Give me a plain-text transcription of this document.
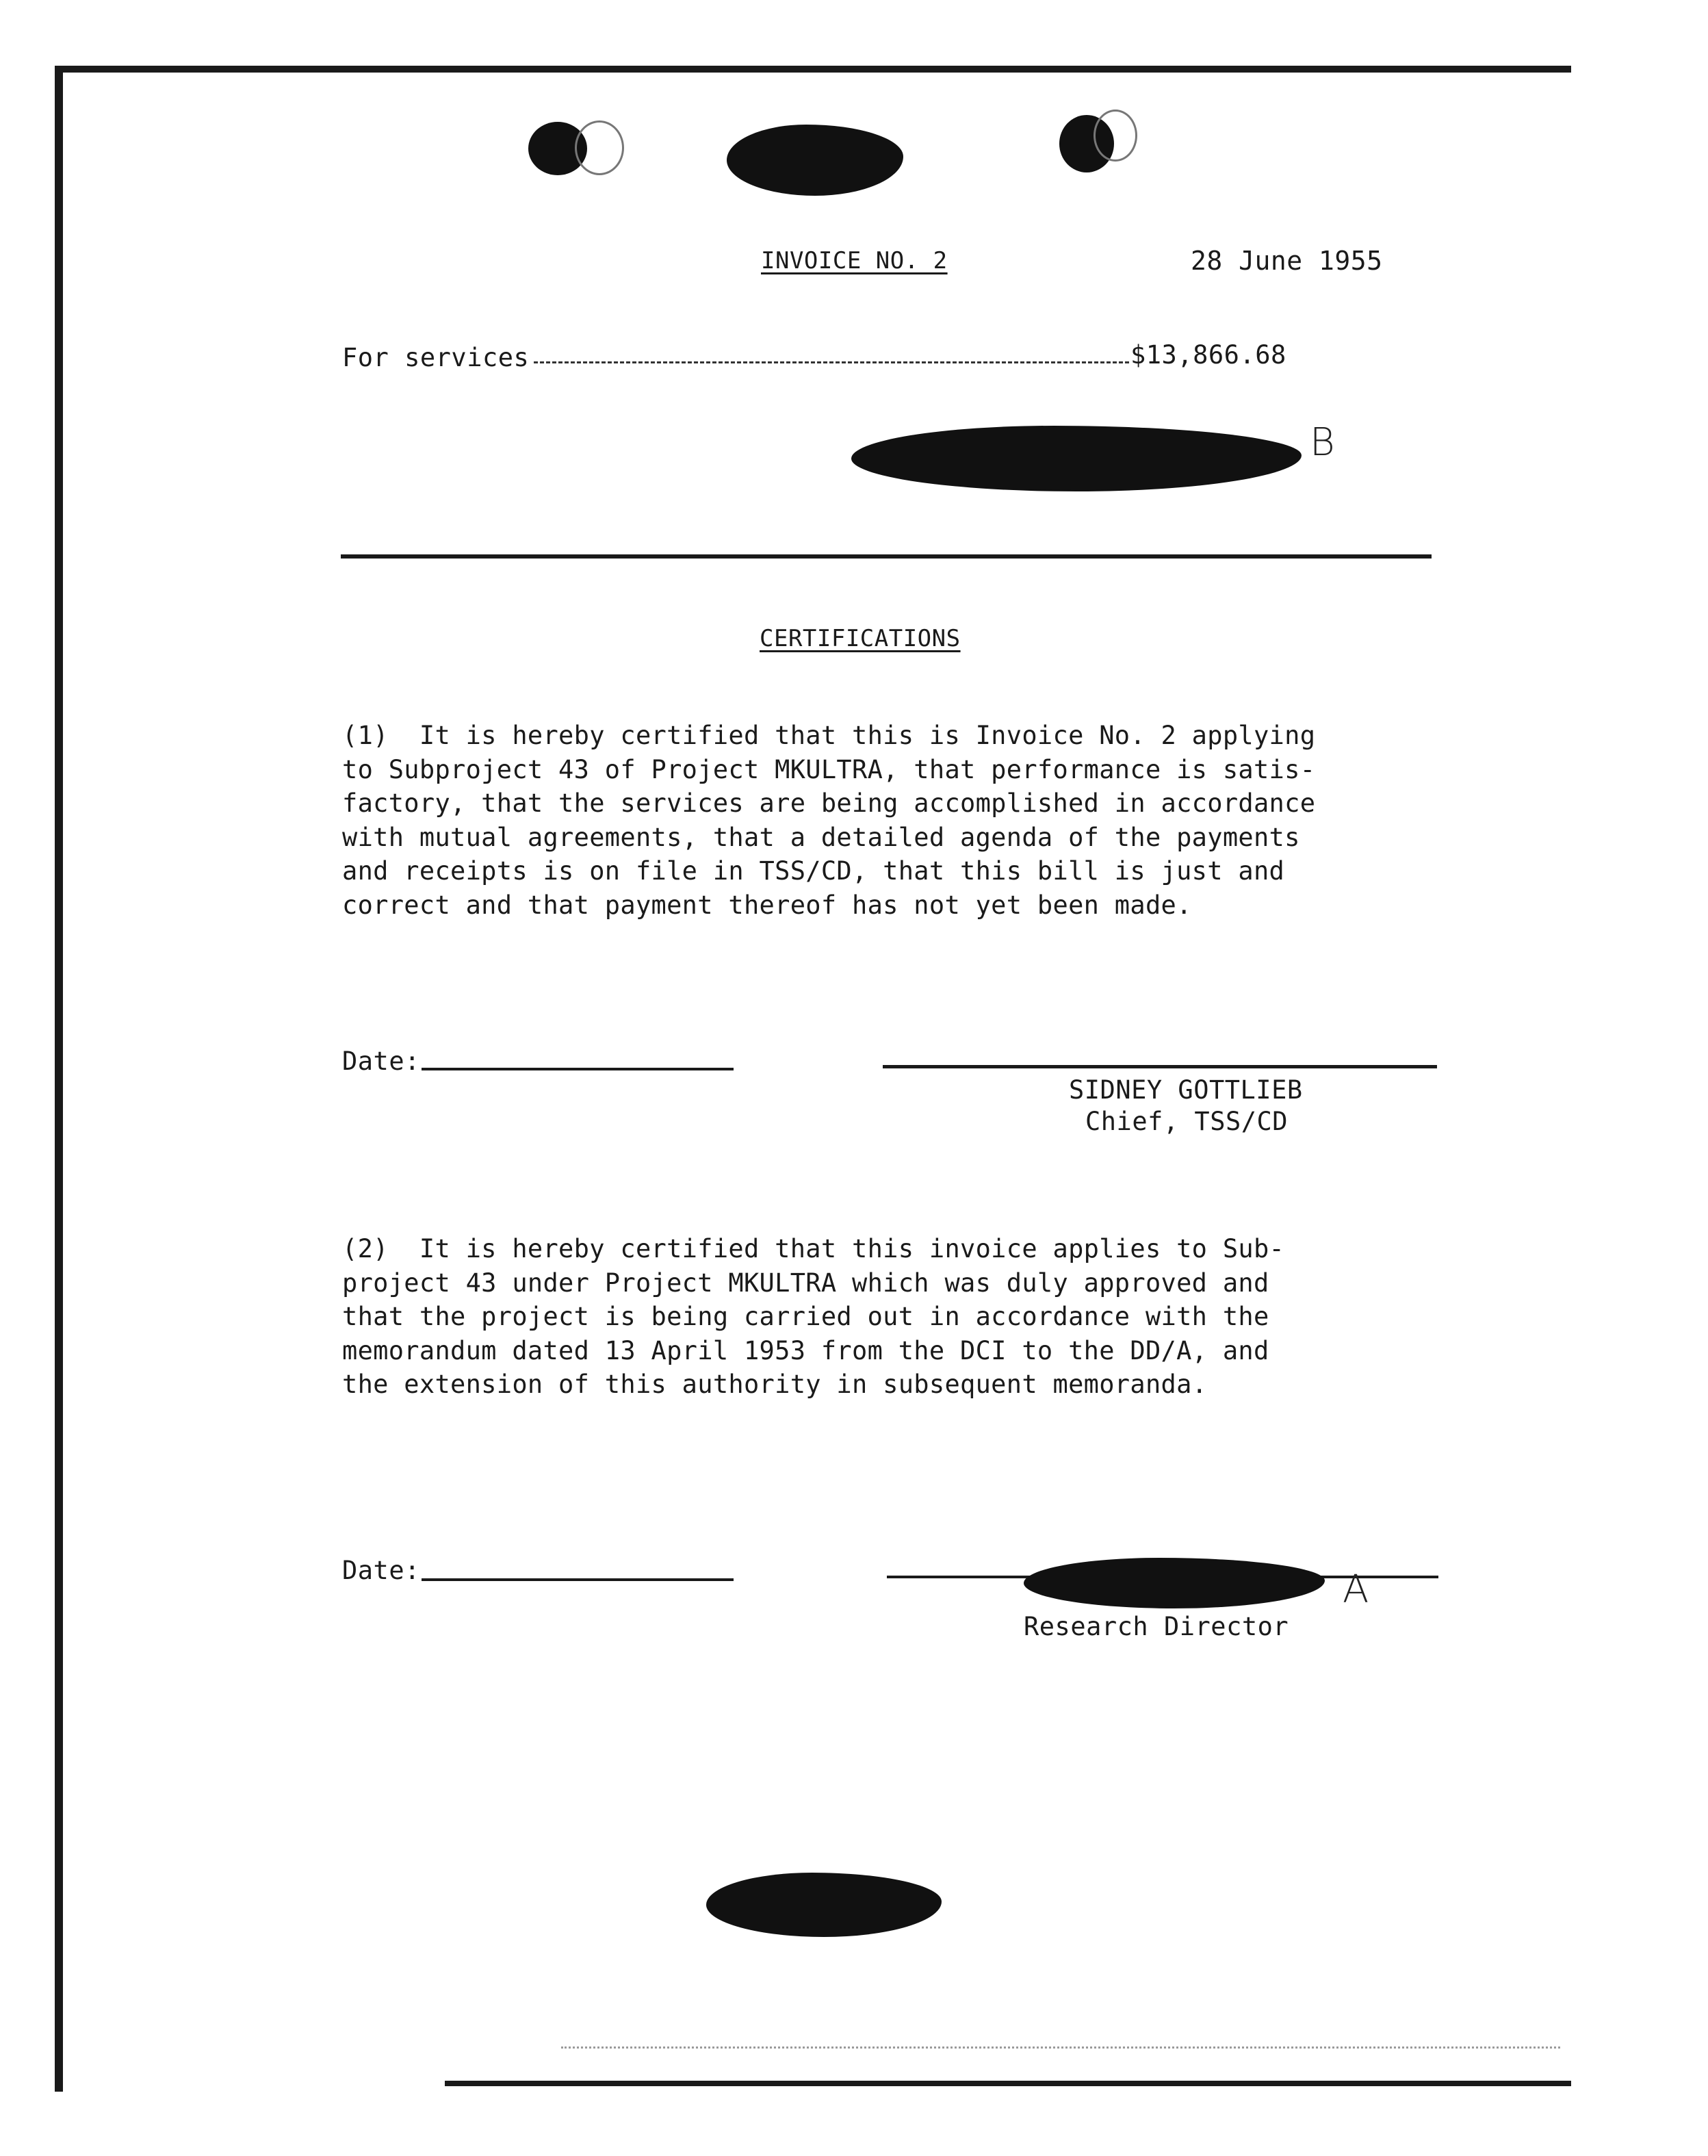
INVOICE NO. 2	28 June 1955
For services	$13,866.68
B
CERTIFICATIONS
(1)  It is hereby certified that this is Invoice No. 2 applying
to Subproject 43 of Project MKULTRA, that performance is satis-
factory, that the services are being accomplished in accordance
with mutual agreements, that a detailed agenda of the payments
and receipts is on file in TSS/CD, that this bill is just and
correct and that payment thereof has not yet been made.
Date:
SIDNEY GOTTLIEB
Chief, TSS/CD
(2)  It is hereby certified that this invoice applies to Sub-
project 43 under Project MKULTRA which was duly approved and
that the project is being carried out in accordance with the
memorandum dated 13 April 1953 from the DCI to the DD/A, and
the extension of this authority in subsequent memoranda.
Date:	A
Research Director
